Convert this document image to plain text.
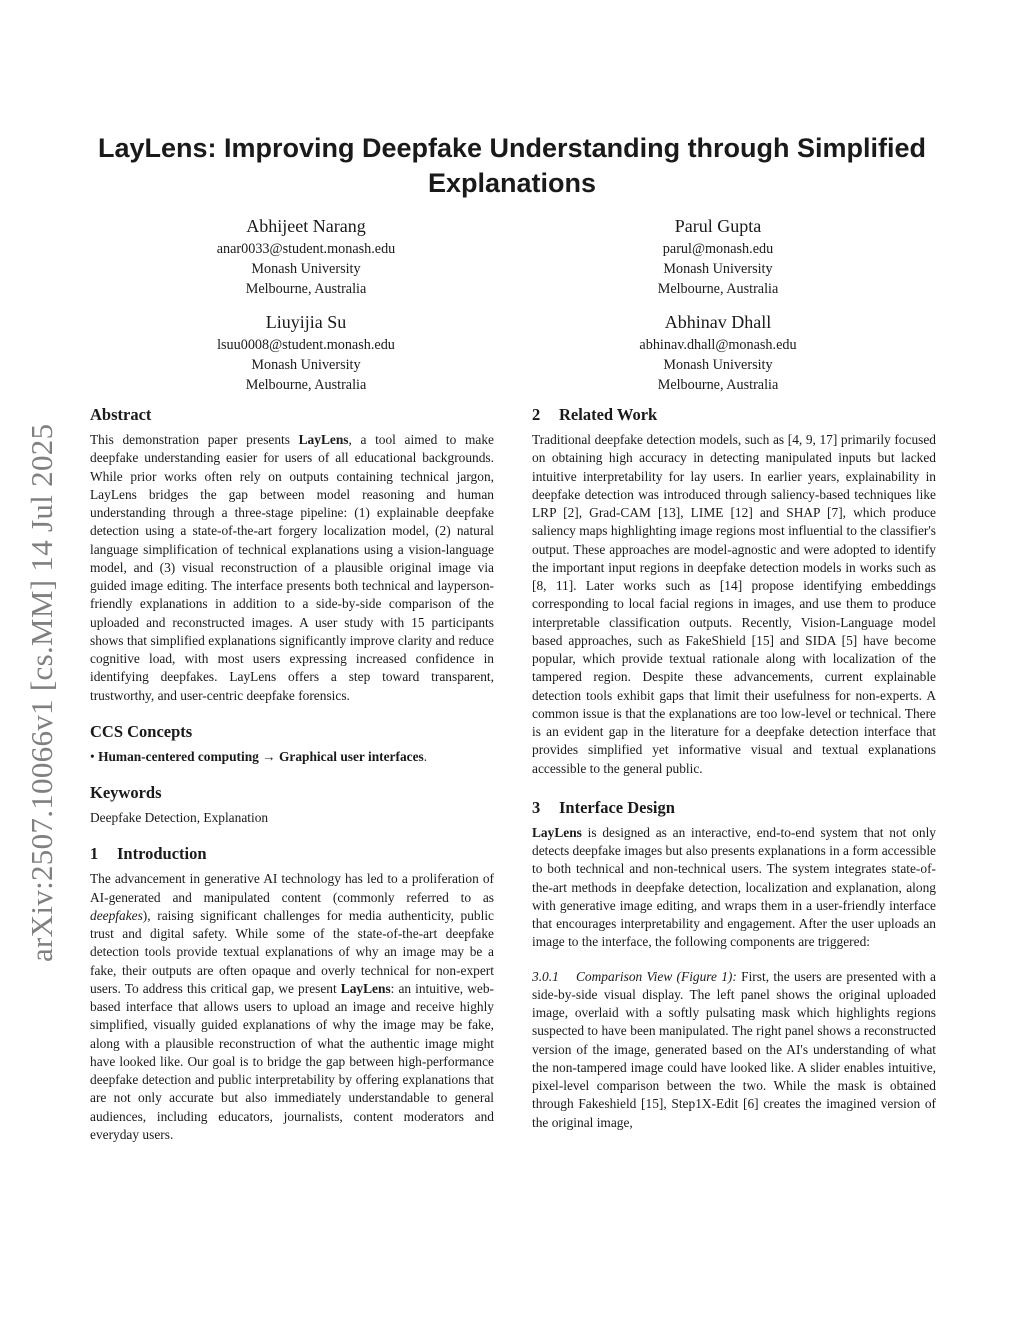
arXiv:2507.10066v1 [cs.MM] 14 Jul 2025
LayLens: Improving Deepfake Understanding through Simplified Explanations
Abhijeet Narang
anar0033@student.monash.edu
Monash University
Melbourne, Australia
Parul Gupta
parul@monash.edu
Monash University
Melbourne, Australia
Liuyijia Su
lsuu0008@student.monash.edu
Monash University
Melbourne, Australia
Abhinav Dhall
abhinav.dhall@monash.edu
Monash University
Melbourne, Australia
Abstract

This demonstration paper presents LayLens, a tool aimed to make deepfake understanding easier for users of all educational backgrounds. While prior works often rely on outputs containing technical jargon, LayLens bridges the gap between model reasoning and human understanding through a three-stage pipeline: (1) explainable deepfake detection using a state-of-the-art forgery localization model, (2) natural language simplification of technical explanations using a vision-language model, and (3) visual reconstruction of a plausible original image via guided image editing. The interface presents both technical and layperson-friendly explanations in addition to a side-by-side comparison of the uploaded and reconstructed images. A user study with 15 participants shows that simplified explanations significantly improve clarity and reduce cognitive load, with most users expressing increased confidence in identifying deepfakes. LayLens offers a step toward transparent, trustworthy, and user-centric deepfake forensics.

CCS Concepts

• Human-centered computing → Graphical user interfaces.

Keywords

Deepfake Detection, Explanation

1 Introduction

The advancement in generative AI technology has led to a proliferation of AI-generated and manipulated content (commonly referred to as deepfakes), raising significant challenges for media authenticity, public trust and digital safety. While some of the state-of-the-art deepfake detection tools provide textual explanations of why an image may be a fake, their outputs are often opaque and overly technical for non-expert users. To address this critical gap, we present LayLens: an intuitive, web-based interface that allows users to upload an image and receive highly simplified, visually guided explanations of why the image may be fake, along with a plausible reconstruction of what the authentic image might have looked like. Our goal is to bridge the gap between high-performance deepfake detection and public interpretability by offering explanations that are not only accurate but also immediately understandable to general audiences, including educators, journalists, content moderators and everyday users.

2 Related Work

Traditional deepfake detection models, such as [4, 9, 17] primarily focused on obtaining high accuracy in detecting manipulated inputs but lacked intuitive interpretability for lay users. In earlier years, explainability in deepfake detection was introduced through saliency-based techniques like LRP [2], Grad-CAM [13], LIME [12] and SHAP [7], which produce saliency maps highlighting image regions most influential to the classifier's output. These approaches are model-agnostic and were adopted to identify the important input regions in deepfake detection models in works such as [8, 11]. Later works such as [14] propose identifying embeddings corresponding to local facial regions in images, and use them to produce interpretable classification outputs. Recently, Vision-Language model based approaches, such as FakeShield [15] and SIDA [5] have become popular, which provide textual rationale along with localization of the tampered region. Despite these advancements, current explainable detection tools exhibit gaps that limit their usefulness for non-experts. A common issue is that the explanations are too low-level or technical. There is an evident gap in the literature for a deepfake detection interface that provides simplified yet informative visual and textual explanations accessible to the general public.

3 Interface Design

LayLens is designed as an interactive, end-to-end system that not only detects deepfake images but also presents explanations in a form accessible to both technical and non-technical users. The system integrates state-of-the-art methods in deepfake detection, localization and explanation, along with generative image editing, and wraps them in a user-friendly interface that encourages interpretability and engagement. After the user uploads an image to the interface, the following components are triggered:

3.0.1 Comparison View (Figure 1): First, the users are presented with a side-by-side visual display. The left panel shows the original uploaded image, overlaid with a softly pulsating mask which highlights regions suspected to have been manipulated. The right panel shows a reconstructed version of the image, generated based on the AI's understanding of what the non-tampered image could have looked like. A slider enables intuitive, pixel-level comparison between the two. While the mask is obtained through Fakeshield [15], Step1X-Edit [6] creates the imagined version of the original image,
